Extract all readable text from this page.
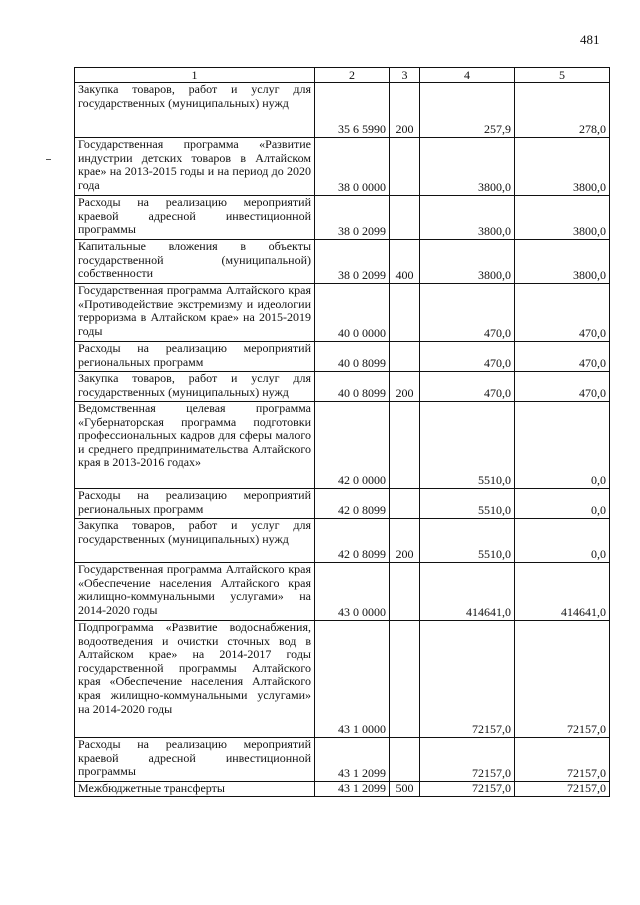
481
1	2	3	4	5
Закупка товаров, работ и услуг для государственных (муниципальных) нужд	35 6 5990	200	257,9	278,0
Государственная программа «Развитие индустрии детских товаров в Алтайском крае» на 2013-2015 годы и на период до 2020 года	38 0 0000		3800,0	3800,0
Расходы на реализацию мероприятий краевой адресной инвестиционной программы	38 0 2099		3800,0	3800,0
Капитальные вложения в объекты государственной (муниципальной) собственности	38 0 2099	400	3800,0	3800,0
Государственная программа Алтайского края «Противодействие экстремизму и идеологии терроризма в Алтайском крае» на 2015-2019 годы	40 0 0000		470,0	470,0
Расходы на реализацию мероприятий региональных программ	40 0 8099		470,0	470,0
Закупка товаров, работ и услуг для государственных (муниципальных) нужд	40 0 8099	200	470,0	470,0
Ведомственная целевая программа «Губернаторская программа подготовки профессиональных кадров для сферы малого и среднего предпринимательства Алтайского края в 2013-2016 годах»	42 0 0000		5510,0	0,0
Расходы на реализацию мероприятий региональных программ	42 0 8099		5510,0	0,0
Закупка товаров, работ и услуг для государственных (муниципальных) нужд	42 0 8099	200	5510,0	0,0
Государственная программа Алтайского края «Обеспечение населения Алтайского края жилищно-коммунальными услугами» на 2014-2020 годы	43 0 0000		414641,0	414641,0
Подпрограмма «Развитие водоснабжения, водоотведения и очистки сточных вод в Алтайском крае» на 2014-2017 годы государственной программы Алтайского края «Обеспечение населения Алтайского края жилищно-коммунальными услугами» на 2014-2020 годы	43 1 0000		72157,0	72157,0
Расходы на реализацию мероприятий краевой адресной инвестиционной программы	43 1 2099		72157,0	72157,0
Межбюджетные трансферты	43 1 2099	500	72157,0	72157,0
